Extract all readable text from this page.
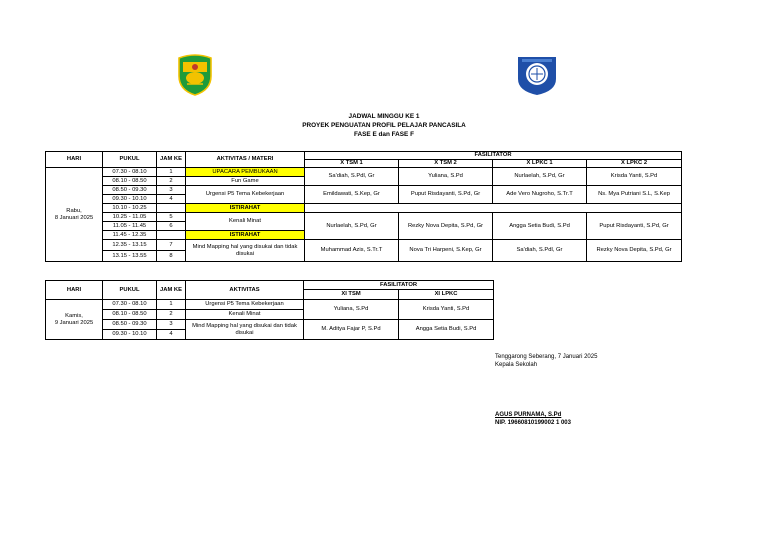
JADWAL MINGGU KE 1
PROYEK PENGUATAN PROFIL PELAJAR PANCASILA
FASE E dan FASE F
HARI	PUKUL	JAM KE	AKTIVITAS / MATERI	FASILITATOR			
				X TSM 1	X TSM 2	X LPKC 1	X LPKC 2

Rabu,
8 Januari 2025	07.30 - 08.10	1	UPACARA PEMBUKAAN	Sa'diah, S.Pdl, Gr	Yuliana, S.Pd	Nurlaelah, S.Pd, Gr	Krisda Yanti, S.Pd
	08.10 - 08.50	2	Fun Game				
	08.50 - 09.30	3	Urgensi P5 Tema Kebekerjaan	Emildawati, S.Kep, Gr	Puput Risdayanti, S.Pd, Gr	Ade Vero Nugroho, S.Tr.T	Ns. Mya Putriani S.L, S.Kep
	09.30 - 10.10	4					
	10.10 - 10.25		ISTIRAHAT				
	10.25 - 11.05	5	Kenali Minat	Nurlaelah, S.Pd, Gr	Rezky Nova Depita, S.Pd, Gr	Angga Setia Budi, S.Pd	Puput Risdayanti, S.Pd, Gr
	11.05 - 11.45	6					
	11.45 - 12.35		ISTIRAHAT				
	12.35 - 13.15	7	Mind Mapping hal yang disukai dan tidak disukai	Muhammad Azis, S.Tr.T	Nova Tri Harpeni, S.Kep, Gr	Sa'diah, S.Pdl, Gr	Rezky Nova Depita, S.Pd, Gr
	13.15 - 13.55	8					
HARI	PUKUL	JAM KE	AKTIVITAS	FASILITATOR	
				XI TSM	XI LPKC

Kamis,
9 Januari 2025	07.30 - 08.10	1	Urgensi P5 Tema Kebekerjaan	Yuliana, S.Pd	Krisda Yanti, S.Pd
	08.10 - 08.50	2	Kenali Minat		
	08.50 - 09.30	3	Mind Mapping hal yang disukai dan tidak disukai	M. Aditya Fajar P, S.Pd	Angga Setia Budi, S.Pd
	09.30 - 10.10	4			
Tenggarong Seberang, 7 Januari 2025
Kepala Sekolah
AGUS PURNAMA, S.Pd
NIP. 19660810199002 1 003
